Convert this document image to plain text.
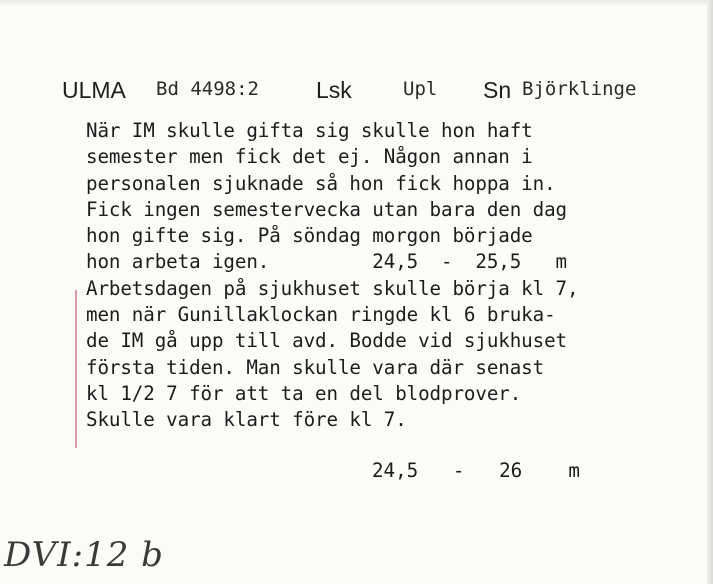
ULMA Bd 4498:2 Lsk	Upl Sn Björklinge
När IM skulle gifta sig skulle hon haft
semester men fick det ej. Någon annan i
personalen sjuknade så hon fick hoppa in.
Fick ingen semestervecka utan bara den dag
hon gifte sig. På söndag morgon började
hon arbeta igen.         24,5  -  25,5   m
Arbetsdagen på sjukhuset skulle börja kl 7,
men när Gunillaklockan ringde kl 6 bruka-
de IM gå upp till avd. Bodde vid sjukhuset
första tiden. Man skulle vara där senast
kl 1/2 7 för att ta en del blodprover.
Skulle vara klart före kl 7.
24,5   -   26    m
DVI:12 b
